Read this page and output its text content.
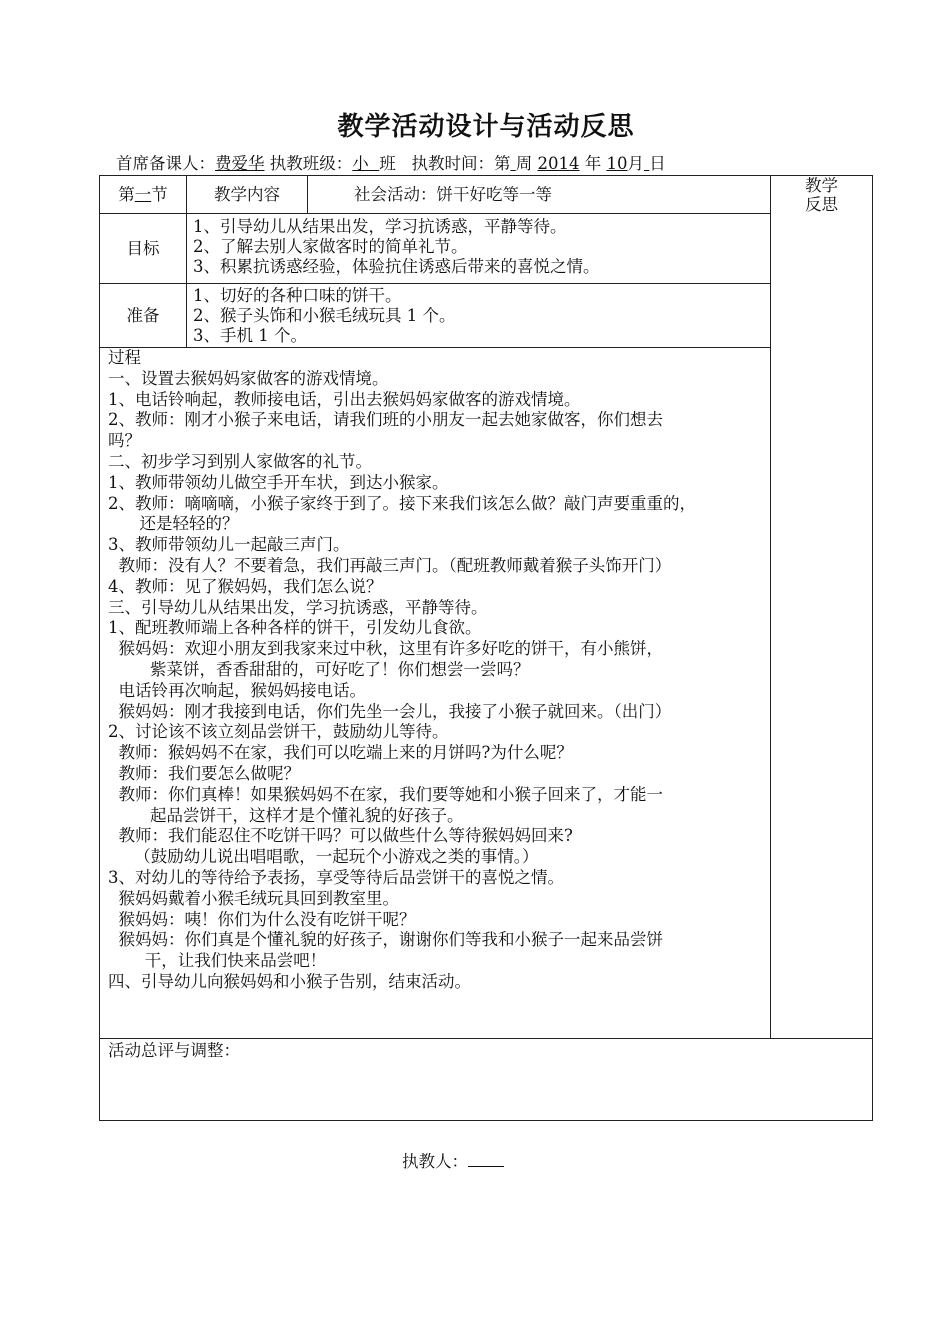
教学活动设计与活动反思
首席备课人：费爱华 执教班级：小 班 执教时间：第 周 2014 年 10月 日
第一节	教学内容	社会活动：饼干好吃等一等	教学
反思
目标
1、引导幼儿从结果出发，学习抗诱惑，平静等待。
2、了解去别人家做客时的简单礼节。
3、积累抗诱惑经验，体验抗住诱惑后带来的喜悦之情。
准备
1、切好的各种口味的饼干。
2、猴子头饰和小猴毛绒玩具 1 个。
3、手机 1 个。
过程
一、设置去猴妈妈家做客的游戏情境。
1、电话铃响起，教师接电话，引出去猴妈妈家做客的游戏情境。
2、教师：刚才小猴子来电话，请我们班的小朋友一起去她家做客，你们想去
吗？
二、初步学习到别人家做客的礼节。
1、教师带领幼儿做空手开车状，到达小猴家。
2、教师：嘀嘀嘀，小猴子家终于到了。接下来我们该怎么做？敲门声要重重的，
还是轻轻的？
3、教师带领幼儿一起敲三声门。
教师：没有人？不要着急，我们再敲三声门。（配班教师戴着猴子头饰开门）
4、教师：见了猴妈妈，我们怎么说？
三、引导幼儿从结果出发，学习抗诱惑，平静等待。
1、配班教师端上各种各样的饼干，引发幼儿食欲。
猴妈妈：欢迎小朋友到我家来过中秋，这里有许多好吃的饼干，有小熊饼，
紫菜饼，香香甜甜的，可好吃了！你们想尝一尝吗？
电话铃再次响起，猴妈妈接电话。
猴妈妈：刚才我接到电话，你们先坐一会儿，我接了小猴子就回来。（出门）
2、讨论该不该立刻品尝饼干，鼓励幼儿等待。
教师：猴妈妈不在家，我们可以吃端上来的月饼吗?为什么呢？
教师：我们要怎么做呢？
教师：你们真棒！如果猴妈妈不在家，我们要等她和小猴子回来了，才能一
起品尝饼干，这样才是个懂礼貌的好孩子。
教师：我们能忍住不吃饼干吗？可以做些什么等待猴妈妈回来?
（鼓励幼儿说出唱唱歌，一起玩个小游戏之类的事情。）
3、对幼儿的等待给予表扬，享受等待后品尝饼干的喜悦之情。
猴妈妈戴着小猴毛绒玩具回到教室里。
猴妈妈：咦！你们为什么没有吃饼干呢？
猴妈妈：你们真是个懂礼貌的好孩子，谢谢你们等我和小猴子一起来品尝饼
干，让我们快来品尝吧！
四、引导幼儿向猴妈妈和小猴子告别，结束活动。
活动总评与调整：
执教人：
